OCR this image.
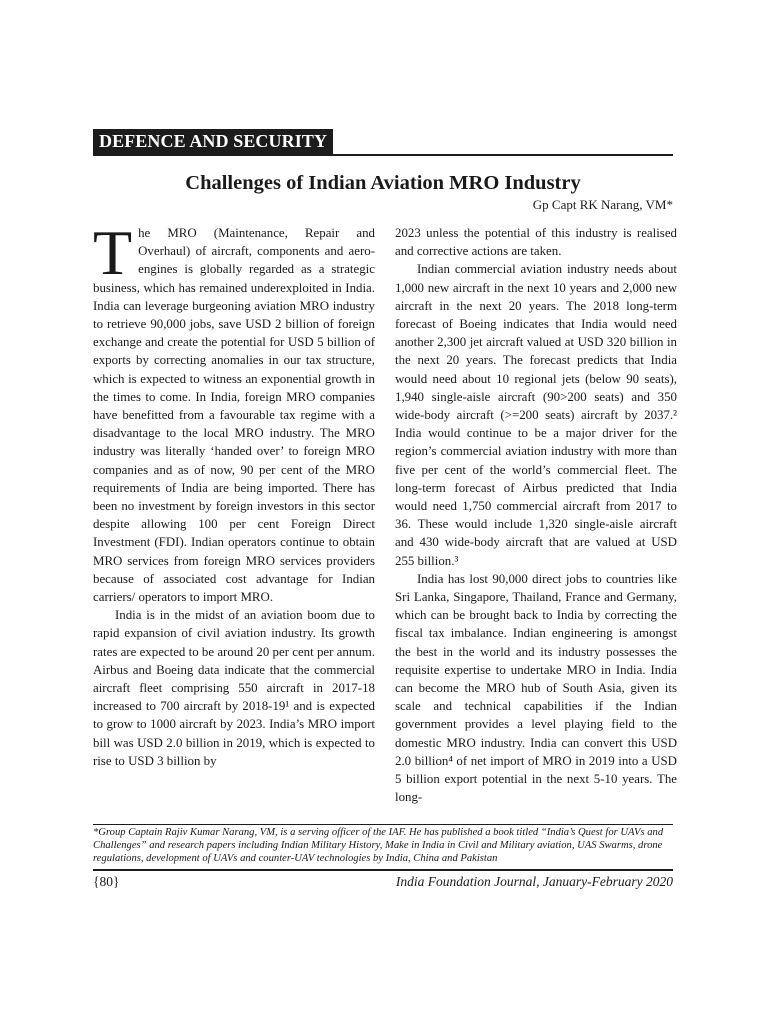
DEFENCE AND SECURITY
Challenges of Indian Aviation MRO Industry
Gp Capt RK Narang, VM*
T he MRO (Maintenance, Repair and Overhaul) of aircraft, components and aero-engines is globally regarded as a strategic business, which has remained underexploited in India. India can leverage burgeoning aviation MRO industry to retrieve 90,000 jobs, save USD 2 billion of foreign exchange and create the potential for USD 5 billion of exports by correcting anomalies in our tax structure, which is expected to witness an exponential growth in the times to come. In India, foreign MRO companies have benefitted from a favourable tax regime with a disadvantage to the local MRO industry. The MRO industry was literally ‘handed over’ to foreign MRO companies and as of now, 90 per cent of the MRO requirements of India are being imported. There has been no investment by foreign investors in this sector despite allowing 100 per cent Foreign Direct Investment (FDI). Indian operators continue to obtain MRO services from foreign MRO services providers because of associated cost advantage for Indian carriers/ operators to import MRO.

India is in the midst of an aviation boom due to rapid expansion of civil aviation industry. Its growth rates are expected to be around 20 per cent per annum. Airbus and Boeing data indicate that the commercial aircraft fleet comprising 550 aircraft in 2017-18 increased to 700 aircraft by 2018-19¹ and is expected to grow to 1000 aircraft by 2023. India’s MRO import bill was USD 2.0 billion in 2019, which is expected to rise to USD 3 billion by

2023 unless the potential of this industry is realised and corrective actions are taken.

Indian commercial aviation industry needs about 1,000 new aircraft in the next 10 years and 2,000 new aircraft in the next 20 years. The 2018 long-term forecast of Boeing indicates that India would need another 2,300 jet aircraft valued at USD 320 billion in the next 20 years. The forecast predicts that India would need about 10 regional jets (below 90 seats), 1,940 single-aisle aircraft (90>200 seats) and 350 wide-body aircraft (>=200 seats) aircraft by 2037.² India would continue to be a major driver for the region’s commercial aviation industry with more than five per cent of the world’s commercial fleet. The long-term forecast of Airbus predicted that India would need 1,750 commercial aircraft from 2017 to 36. These would include 1,320 single-aisle aircraft and 430 wide-body aircraft that are valued at USD 255 billion.³

India has lost 90,000 direct jobs to countries like Sri Lanka, Singapore, Thailand, France and Germany, which can be brought back to India by correcting the fiscal tax imbalance. Indian engineering is amongst the best in the world and its industry possesses the requisite expertise to undertake MRO in India. India can become the MRO hub of South Asia, given its scale and technical capabilities if the Indian government provides a level playing field to the domestic MRO industry. India can convert this USD 2.0 billion⁴ of net import of MRO in 2019 into a USD 5 billion export potential in the next 5-10 years. The long-

*Group Captain Rajiv Kumar Narang, VM, is a serving officer of the IAF. He has published a book titled “India’s Quest for UAVs and Challenges” and research papers including Indian Military History, Make in India in Civil and Military aviation, UAS Swarms, drone regulations, development of UAVs and counter-UAV technologies by India, China and Pakistan

{80}	India Foundation Journal, January-February 2020
